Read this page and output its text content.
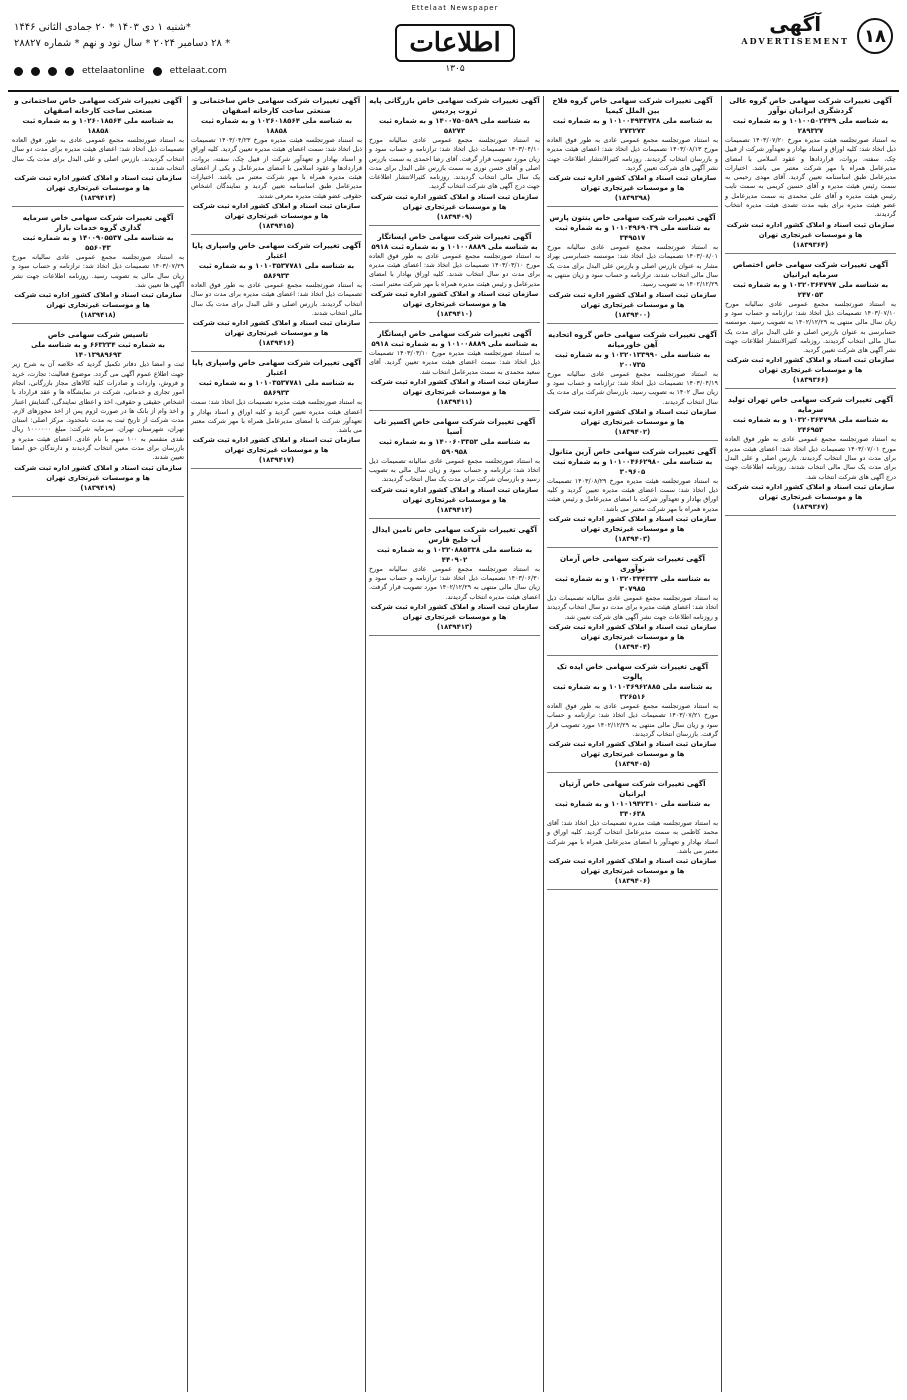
۱۸
آگهی
ADVERTISEMENT
Ettelaat Newspaper
اطلاعات
۱۳۰۵
*شنبه ۱ دی ۱۴۰۳ * ۲۰ جمادی الثانی ۱۴۴۶
* ۲۸ دسامبر ۲۰۲۴ * سال نود و نهم * شماره ۲۸۸۲۷
ettelaatonline	ettelaat.com
آگهی تغییرات شرکت سهامی خاص گروه عالی گردشگری ایرانیان نوآور
به شناسه ملی ۱۰۱۰۰۵۰۲۴۴۹ و به شماره ثبت ۲۸۹۳۲۷
به استناد صورتجلسه هیئت مدیره مورخ ۱۴۰۳/۰۷/۲۰ تصمیمات ذیل اتخاذ شد: کلیه اوراق و اسناد بهادار و تعهدآور شرکت از قبیل چک، سفته، بروات، قراردادها و عقود اسلامی با امضای مدیرعامل همراه با مهر شرکت معتبر می باشد. اختیارات مدیرعامل طبق اساسنامه تعیین گردید. آقای مهدی رحیمی به سمت رئیس هیئت مدیره و آقای حسین کریمی به سمت نایب رئیس هیئت مدیره و آقای علی محمدی به سمت مدیرعامل و عضو هیئت مدیره برای بقیه مدت تصدی هیئت مدیره انتخاب گردیدند.
سازمان ثبت اسناد و املاک کشور اداره ثبت شرکت ها و موسسات غیرتجاری تهران
(۱۸۳۹۳۶۴)
آگهی تغییرات شرکت سهامی خاص اختصاص سرمایه ایرانیان
به شناسه ملی ۱۰۳۲۰۳۶۴۷۹۷ و به شماره ثبت ۲۴۷۰۵۳
به استناد صورتجلسه مجمع عمومی عادی سالیانه مورخ ۱۴۰۳/۰۷/۱۰ تصمیمات ذیل اتخاذ شد: ترازنامه و حساب سود و زیان سال مالی منتهی به ۱۴۰۲/۱۲/۲۹ به تصویب رسید. موسسه حسابرسی به عنوان بازرس اصلی و علی البدل برای مدت یک سال مالی انتخاب گردیدند. روزنامه کثیرالانتشار اطلاعات جهت نشر آگهی های شرکت تعیین گردید.
سازمان ثبت اسناد و املاک کشور اداره ثبت شرکت ها و موسسات غیرتجاری تهران
(۱۸۳۹۳۶۶)
آگهی تغییرات شرکت سهامی خاص تهران تولید سرمایه
به شناسه ملی ۱۰۳۲۰۳۶۴۷۹۸ و به شماره ثبت ۲۴۶۹۵۳
به استناد صورتجلسه مجمع عمومی عادی به طور فوق العاده مورخ ۱۴۰۳/۰۷/۰۱ تصمیمات ذیل اتخاذ شد: اعضای هیئت مدیره برای مدت دو سال انتخاب گردیدند. بازرس اصلی و علی البدل برای مدت یک سال مالی انتخاب شدند. روزنامه اطلاعات جهت درج آگهی های شرکت انتخاب شد.
سازمان ثبت اسناد و املاک کشور اداره ثبت شرکت ها و موسسات غیرتجاری تهران
(۱۸۳۹۳۶۷)
آگهی تغییرات شرکت سهامی خاص گروه فلاح بین الملل کیمیا
به شناسه ملی ۱۰۱۰۰۴۹۴۳۷۳۸ و به شماره ثبت ۲۷۳۲۷۳
به استناد صورتجلسه مجمع عمومی عادی به طور فوق العاده مورخ ۱۴۰۳/۰۸/۱۳ تصمیمات ذیل اتخاذ شد: اعضای هیئت مدیره و بازرسان انتخاب گردیدند. روزنامه کثیرالانتشار اطلاعات جهت نشر آگهی های شرکت تعیین گردید.
سازمان ثبت اسناد و املاک کشور اداره ثبت شرکت ها و موسسات غیرتجاری تهران
(۱۸۳۹۳۹۸)
آگهی تغییرات شرکت سهامی خاص بنتون پارس
به شناسه ملی ۱۰۱۰۴۹۶۹۰۳۹ و به شماره ثبت ۳۴۹۵۱۷
به استناد صورتجلسه مجمع عمومی عادی سالیانه مورخ ۱۴۰۳/۰۸/۰۱ تصمیمات ذیل اتخاذ شد: موسسه حسابرسی بهراد مشار به عنوان بازرس اصلی و بازرس علی البدل برای مدت یک سال مالی انتخاب شدند. ترازنامه و حساب سود و زیان منتهی به ۱۴۰۲/۱۲/۲۹ به تصویب رسید.
سازمان ثبت اسناد و املاک کشور اداره ثبت شرکت ها و موسسات غیرتجاری تهران
(۱۸۳۹۴۰۰)
آگهی تغییرات شرکت سهامی خاص گروه اتحادیه آهن خاورمیانه
به شناسه ملی ۱۰۳۲۰۱۳۳۹۹۰ و به شماره ثبت ۲۰۰۷۳۵
به استناد صورتجلسه مجمع عمومی عادی سالیانه مورخ ۱۴۰۳/۰۴/۱۹ تصمیمات ذیل اتخاذ شد: ترازنامه و حساب سود و زیان سال ۱۴۰۲ به تصویب رسید. بازرسان شرکت برای مدت یک سال انتخاب گردیدند.
سازمان ثبت اسناد و املاک کشور اداره ثبت شرکت ها و موسسات غیرتجاری تهران
(۱۸۳۹۴۰۲)
آگهی تغییرات شرکت سهامی خاص آرین متانول
به شناسه ملی ۱۰۱۰۰۴۶۶۲۹۸۰ و به شماره ثبت ۳۰۹۶۰۵
به استناد صورتجلسه هیئت مدیره مورخ ۱۴۰۳/۰۸/۲۹ تصمیمات ذیل اتخاذ شد: سمت اعضای هیئت مدیره تعیین گردید و کلیه اوراق بهادار و تعهدآور شرکت با امضای مدیرعامل و رئیس هیئت مدیره همراه با مهر شرکت معتبر می باشد.
سازمان ثبت اسناد و املاک کشور اداره ثبت شرکت ها و موسسات غیرتجاری تهران
(۱۸۳۹۴۰۳)
آگهی تغییرات شرکت سهامی خاص آرمان نوآوری
به شناسه ملی ۱۰۳۲۰۳۴۴۳۳۴ و به شماره ثبت ۳۰۷۹۸۵
به استناد صورتجلسه مجمع عمومی عادی سالیانه تصمیمات ذیل اتخاذ شد: اعضای هیئت مدیره برای مدت دو سال انتخاب گردیدند و روزنامه اطلاعات جهت نشر آگهی های شرکت تعیین شد.
سازمان ثبت اسناد و املاک کشور اداره ثبت شرکت ها و موسسات غیرتجاری تهران
(۱۸۳۹۴۰۴)
آگهی تغییرات شرکت سهامی خاص ایده تک پالوت
به شناسه ملی ۱۰۱۰۳۶۹۶۲۸۸۵ و به شماره ثبت ۳۲۶۵۱۶
به استناد صورتجلسه مجمع عمومی عادی به طور فوق العاده مورخ ۱۴۰۳/۰۷/۲۱ تصمیمات ذیل اتخاذ شد: ترازنامه و حساب سود و زیان سال مالی منتهی به ۱۴۰۲/۱۲/۲۹ مورد تصویب قرار گرفت. بازرسان انتخاب گردیدند.
سازمان ثبت اسناد و املاک کشور اداره ثبت شرکت ها و موسسات غیرتجاری تهران
(۱۸۳۹۴۰۵)
آگهی تغییرات شرکت سهامی خاص آرتیان ایرانیان
به شناسه ملی ۱۰۱۰۱۹۴۲۳۱۰ و به شماره ثبت ۳۴۰۶۳۸
به استناد صورتجلسه هیئت مدیره تصمیمات ذیل اتخاذ شد: آقای محمد کاظمی به سمت مدیرعامل انتخاب گردید. کلیه اوراق و اسناد بهادار و تعهدآور با امضای مدیرعامل همراه با مهر شرکت معتبر می باشد.
سازمان ثبت اسناد و املاک کشور اداره ثبت شرکت ها و موسسات غیرتجاری تهران
(۱۸۳۹۴۰۶)
آگهی تغییرات شرکت سهامی خاص بازرگانی پایه ثروت پردیس
به شناسه ملی ۱۴۰۰۷۵۰۵۸۹ و به شماره ثبت ۵۸۲۷۳
به استناد صورتجلسه مجمع عمومی عادی سالیانه مورخ ۱۴۰۳/۰۴/۱۰ تصمیمات ذیل اتخاذ شد: ترازنامه و حساب سود و زیان مورد تصویب قرار گرفت. آقای رضا احمدی به سمت بازرس اصلی و آقای حسن نوری به سمت بازرس علی البدل برای مدت یک سال مالی انتخاب گردیدند. روزنامه کثیرالانتشار اطلاعات جهت درج آگهی های شرکت انتخاب گردید.
سازمان ثبت اسناد و املاک کشور اداره ثبت شرکت ها و موسسات غیرتجاری تهران
(۱۸۳۹۴۰۹)
آگهی تغییرات شرکت سهامی خاص ایساتگار
به شناسه ملی ۱۰۱۰۰۸۸۸۹ و به شماره ثبت ۵۹۱۸
به استناد صورتجلسه مجمع عمومی عادی به طور فوق العاده مورخ ۱۴۰۳/۰۳/۱۰ تصمیمات ذیل اتخاذ شد: اعضای هیئت مدیره برای مدت دو سال انتخاب شدند. کلیه اوراق بهادار با امضای مدیرعامل و رئیس هیئت مدیره همراه با مهر شرکت معتبر است.
سازمان ثبت اسناد و املاک کشور اداره ثبت شرکت ها و موسسات غیرتجاری تهران
(۱۸۳۹۴۱۰)
آگهی تغییرات شرکت سهامی خاص ایساتگار
به شناسه ملی ۱۰۱۰۰۸۸۸۹ و به شماره ثبت ۵۹۱۸
به استناد صورتجلسه هیئت مدیره مورخ ۱۴۰۳/۰۳/۱۰ تصمیمات ذیل اتخاذ شد: سمت اعضای هیئت مدیره تعیین گردید. آقای سعید محمدی به سمت مدیرعامل انتخاب شد.
سازمان ثبت اسناد و املاک کشور اداره ثبت شرکت ها و موسسات غیرتجاری تهران
(۱۸۳۹۴۱۱)
آگهی تغییرات شرکت سهامی خاص اکسیر تاب آسیا
به شناسه ملی ۱۴۰۰۶۰۳۳۵۳ و به شماره ثبت ۵۹۰۹۵۸
به استناد صورتجلسه مجمع عمومی عادی سالیانه تصمیمات ذیل اتخاذ شد: ترازنامه و حساب سود و زیان سال مالی به تصویب رسید و بازرسان شرکت برای مدت یک سال انتخاب گردیدند.
سازمان ثبت اسناد و املاک کشور اداره ثبت شرکت ها و موسسات غیرتجاری تهران
(۱۸۳۹۴۱۲)
آگهی تغییرات شرکت سهامی خاص تامین ایدال آب خلیج فارس
به شناسه ملی ۱۰۳۲۰۸۸۵۳۳۸ و به شماره ثبت ۴۴۰۹۰۲
به استناد صورتجلسه مجمع عمومی عادی سالیانه مورخ ۱۴۰۳/۰۶/۳۰ تصمیمات ذیل اتخاذ شد: ترازنامه و حساب سود و زیان سال مالی منتهی به ۱۴۰۲/۱۲/۲۹ مورد تصویب قرار گرفت. اعضای هیئت مدیره انتخاب گردیدند.
سازمان ثبت اسناد و املاک کشور اداره ثبت شرکت ها و موسسات غیرتجاری تهران
(۱۸۳۹۴۱۳)
آگهی تغییرات شرکت سهامی خاص ساختمانی و صنعتی ساخت کارخانه اصفهان
به شناسه ملی ۱۰۲۶۰۱۸۵۶۴ و به شماره ثبت ۱۸۸۵۸
به استناد صورتجلسه هیئت مدیره مورخ ۱۴۰۳/۰۴/۲۳ تصمیمات ذیل اتخاذ شد: سمت اعضای هیئت مدیره تعیین گردید. کلیه اوراق و اسناد بهادار و تعهدآور شرکت از قبیل چک، سفته، بروات، قراردادها و عقود اسلامی با امضای مدیرعامل و یکی از اعضای هیئت مدیره همراه با مهر شرکت معتبر می باشد. اختیارات مدیرعامل طبق اساسنامه تعیین گردید و نمایندگان اشخاص حقوقی عضو هیئت مدیره معرفی شدند.
سازمان ثبت اسناد و املاک کشور اداره ثبت شرکت ها و موسسات غیرتجاری تهران
(۱۸۳۹۴۱۵)
آگهی تغییرات شرکت سهامی خاص واسپاری پایا اعتبار
به شناسه ملی ۱۰۱۰۳۵۳۷۷۸۱ و به شماره ثبت ۵۸۶۹۳۳
به استناد صورتجلسه مجمع عمومی عادی به طور فوق العاده تصمیمات ذیل اتخاذ شد: اعضای هیئت مدیره برای مدت دو سال انتخاب گردیدند. بازرس اصلی و علی البدل برای مدت یک سال مالی انتخاب شدند.
سازمان ثبت اسناد و املاک کشور اداره ثبت شرکت ها و موسسات غیرتجاری تهران
(۱۸۳۹۴۱۶)
آگهی تغییرات شرکت سهامی خاص واسپاری پایا اعتبار
به شناسه ملی ۱۰۱۰۳۵۳۷۷۸۱ و به شماره ثبت ۵۸۶۹۳۳
به استناد صورتجلسه هیئت مدیره تصمیمات ذیل اتخاذ شد: سمت اعضای هیئت مدیره تعیین گردید و کلیه اوراق و اسناد بهادار و تعهدآور شرکت با امضای مدیرعامل همراه با مهر شرکت معتبر می باشد.
سازمان ثبت اسناد و املاک کشور اداره ثبت شرکت ها و موسسات غیرتجاری تهران
(۱۸۳۹۴۱۷)
آگهی تغییرات شرکت سهامی خاص ساختمانی و صنعتی ساخت کارخانه اصفهان
به شناسه ملی ۱۰۲۶۰۱۸۵۶۴ و به شماره ثبت ۱۸۸۵۸
به استناد صورتجلسه مجمع عمومی عادی به طور فوق العاده تصمیمات ذیل اتخاذ شد: اعضای هیئت مدیره برای مدت دو سال انتخاب گردیدند. بازرس اصلی و علی البدل برای مدت یک سال انتخاب شدند.
سازمان ثبت اسناد و املاک کشور اداره ثبت شرکت ها و موسسات غیرتجاری تهران
(۱۸۳۹۴۱۴)
آگهی تغییرات شرکت سهامی خاص سرمایه گذاری گروه خدمات بازار
به شناسه ملی ۱۴۰۰۹۰۵۵۳۷ و به شماره ثبت ۵۵۶۰۴۳
به استناد صورتجلسه مجمع عمومی عادی سالیانه مورخ ۱۴۰۳/۰۷/۲۹ تصمیمات ذیل اتخاذ شد: ترازنامه و حساب سود و زیان سال مالی به تصویب رسید. روزنامه اطلاعات جهت نشر آگهی ها تعیین شد.
سازمان ثبت اسناد و املاک کشور اداره ثبت شرکت ها و موسسات غیرتجاری تهران
(۱۸۳۹۴۱۸)
تاسیس شرکت سهامی خاص
به شماره ثبت ۶۶۳۲۳۴ و به شناسه ملی ۱۴۰۱۳۹۸۹۶۹۳
ثبت و امضا ذیل دفاتر تکمیل گردید که خلاصه آن به شرح زیر جهت اطلاع عموم آگهی می گردد. موضوع فعالیت: تجارت، خرید و فروش، واردات و صادرات کلیه کالاهای مجاز بازرگانی، انجام امور تجاری و خدماتی، شرکت در نمایشگاه ها و عقد قرارداد با اشخاص حقیقی و حقوقی، اخذ و اعطای نمایندگی، گشایش اعتبار و اخذ وام از بانک ها در صورت لزوم پس از اخذ مجوزهای لازم. مدت شرکت از تاریخ ثبت به مدت نامحدود. مرکز اصلی: استان تهران، شهرستان تهران. سرمایه شرکت: مبلغ ۱۰۰۰۰۰۰ ریال نقدی منقسم به ۱۰۰ سهم با نام عادی. اعضای هیئت مدیره و بازرسان برای مدت معین انتخاب گردیدند و دارندگان حق امضا تعیین شدند.
سازمان ثبت اسناد و املاک کشور اداره ثبت شرکت ها و موسسات غیرتجاری تهران
(۱۸۳۹۴۱۹)
